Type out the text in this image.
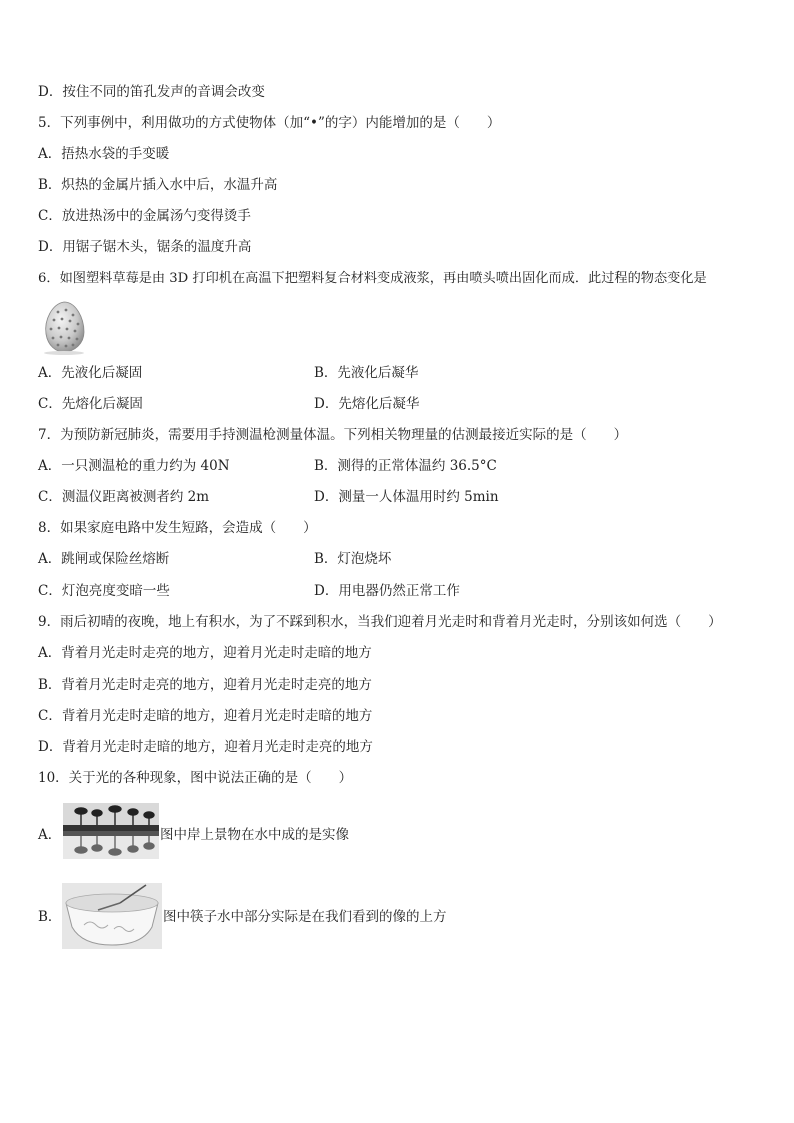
D．按住不同的笛孔发声的音调会改变
5．下列事例中，利用做功的方式使物体（加“•”的字）内能增加的是（　　）
A．捂热水袋的手变暖
B．炽热的金属片插入水中后，水温升高
C．放进热汤中的金属汤勺变得烫手
D．用锯子锯木头，锯条的温度升高
6．如图塑料草莓是由 3D 打印机在高温下把塑料复合材料变成液浆，再由喷头喷出固化而成．此过程的物态变化是
A．先液化后凝固	B．先液化后凝华
C．先熔化后凝固	D．先熔化后凝华
7．为预防新冠肺炎，需要用手持测温枪测量体温。下列相关物理量的估测最接近实际的是（　　）
A．一只测温枪的重力约为 40N	B．测得的正常体温约 36.5°C
C．测温仪距离被测者约 2m	D．测量一人体温用时约 5min
8．如果家庭电路中发生短路，会造成（　　）
A．跳闸或保险丝熔断	B．灯泡烧坏
C．灯泡亮度变暗一些	D．用电器仍然正常工作
9．雨后初晴的夜晚，地上有积水，为了不踩到积水，当我们迎着月光走时和背着月光走时，分别该如何选（　　）
A．背着月光走时走亮的地方，迎着月光走时走暗的地方
B．背着月光走时走亮的地方，迎着月光走时走亮的地方
C．背着月光走时走暗的地方，迎着月光走时走暗的地方
D．背着月光走时走暗的地方，迎着月光走时走亮的地方
10．关于光的各种现象，图中说法正确的是（　　）
A．	图中岸上景物在水中成的是实像
B．	图中筷子水中部分实际是在我们看到的像的上方
